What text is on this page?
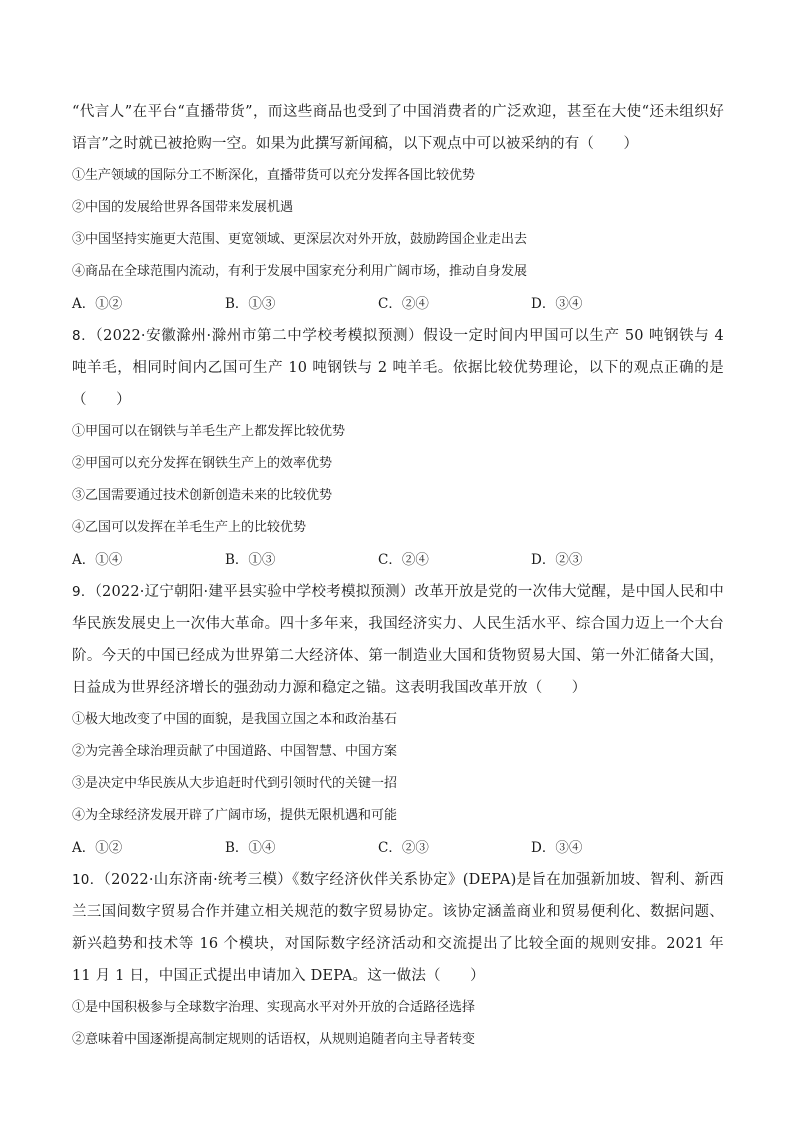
“代言人”在平台“直播带货”，而这些商品也受到了中国消费者的广泛欢迎，甚至在大使“还未组织好语言”之时就已被抢购一空。如果为此撰写新闻稿，以下观点中可以被采纳的有（　　）

①生产领域的国际分工不断深化，直播带货可以充分发挥各国比较优势

②中国的发展给世界各国带来发展机遇

③中国坚持实施更大范围、更宽领域、更深层次对外开放，鼓励跨国企业走出去

④商品在全球范围内流动，有利于发展中国家充分利用广阔市场，推动自身发展

A．①②	B．①③	C．②④	D．③④

8．（2022·安徽滁州·滁州市第二中学校考模拟预测）假设一定时间内甲国可以生产 50 吨钢铁与 4 吨羊毛，相同时间内乙国可生产 10 吨钢铁与 2 吨羊毛。依据比较优势理论，以下的观点正确的是（　　）

①甲国可以在钢铁与羊毛生产上都发挥比较优势

②甲国可以充分发挥在钢铁生产上的效率优势

③乙国需要通过技术创新创造未来的比较优势

④乙国可以发挥在羊毛生产上的比较优势

A．①④	B．①③	C．②④	D．②③

9．（2022·辽宁朝阳·建平县实验中学校考模拟预测）改革开放是党的一次伟大觉醒，是中国人民和中华民族发展史上一次伟大革命。四十多年来，我国经济实力、人民生活水平、综合国力迈上一个大台阶。今天的中国已经成为世界第二大经济体、第一制造业大国和货物贸易大国、第一外汇储备大国，日益成为世界经济增长的强劲动力源和稳定之锚。这表明我国改革开放（　　）

①极大地改变了中国的面貌，是我国立国之本和政治基石

②为完善全球治理贡献了中国道路、中国智慧、中国方案

③是决定中华民族从大步追赶时代到引领时代的关键一招

④为全球经济发展开辟了广阔市场，提供无限机遇和可能

A．①②	B．①④	C．②③	D．③④

10．（2022·山东济南·统考三模）《数字经济伙伴关系协定》(DEPA)是旨在加强新加坡、智利、新西兰三国间数字贸易合作并建立相关规范的数字贸易协定。该协定涵盖商业和贸易便利化、数据问题、新兴趋势和技术等 16 个模块，对国际数字经济活动和交流提出了比较全面的规则安排。2021 年 11 月 1 日，中国正式提出申请加入 DEPA。这一做法（　　）

①是中国积极参与全球数字治理、实现高水平对外开放的合适路径选择

②意味着中国逐渐提高制定规则的话语权，从规则追随者向主导者转变
